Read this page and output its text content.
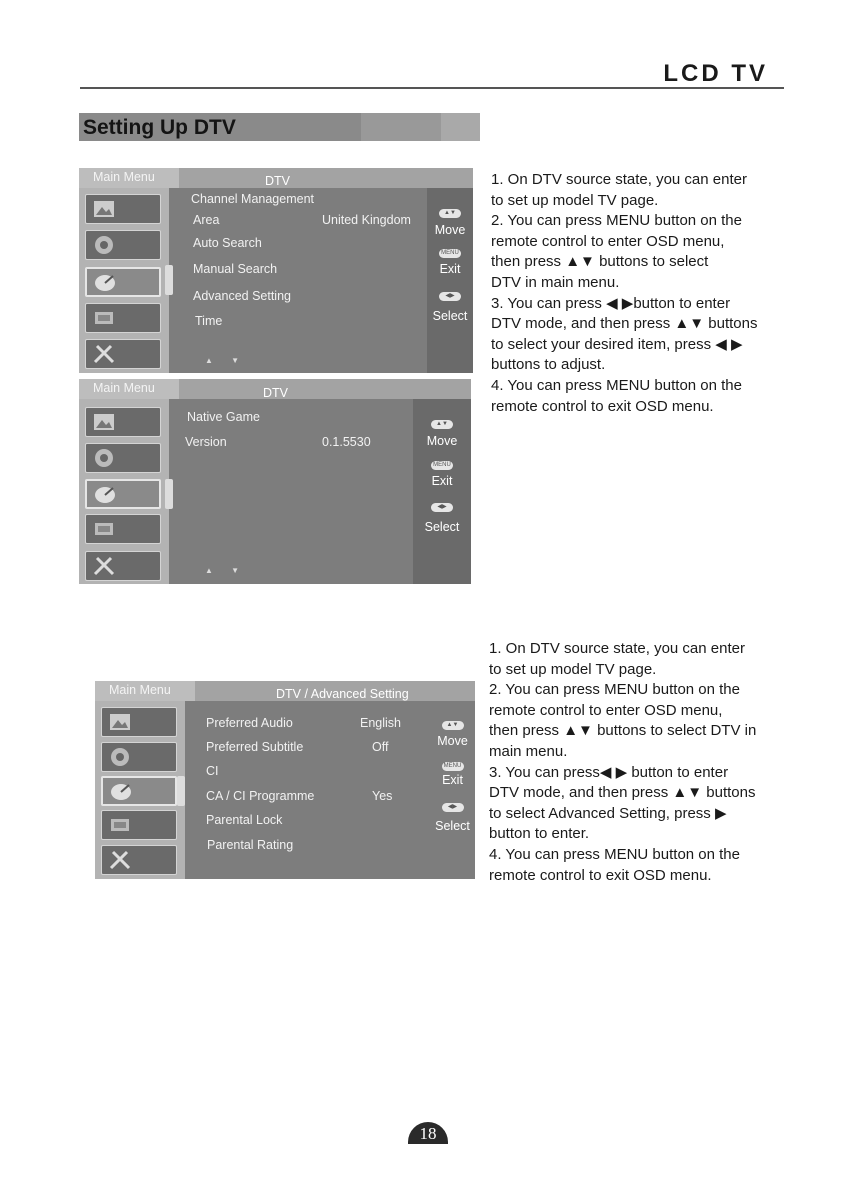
LCD TV
Setting Up DTV
Main Menu	DTV
Channel Management
Area	United Kingdom
Auto Search
Manual Search
Advanced Setting
Time
▲ ▼
▲▼
Move
MENU
Exit
◀▶
Select
Main Menu	DTV
Native Game
Version	0.1.5530
▲ ▼
▲▼
Move
MENU
Exit
◀▶
Select
Main Menu	DTV / Advanced Setting
Preferred Audio	English
Preferred Subtitle	Off
CI
CA / CI Programme	Yes
Parental Lock
Parental Rating
▲▼
Move
MENU
Exit
◀▶
Select
1. On DTV source state, you can enter
to set up model TV page.
2. You can press MENU button on the
remote control to enter OSD menu,
then press ▲▼ buttons to select
DTV in main menu.
3. You can press ◀ ▶button to enter
DTV mode, and then press ▲▼ buttons
to select your desired item, press ◀ ▶
buttons to adjust.
4. You can press MENU button on the
remote control to exit OSD menu.
1. On DTV source state, you can enter
to set up model TV page.
2. You can press MENU button on the
remote control to enter OSD menu,
then press ▲▼ buttons to select DTV in
main menu.
3. You can press◀ ▶ button to enter
DTV mode, and then press ▲▼ buttons
to select Advanced Setting, press ▶
button to enter.
4. You can press MENU button on the
remote control to exit OSD menu.
18
